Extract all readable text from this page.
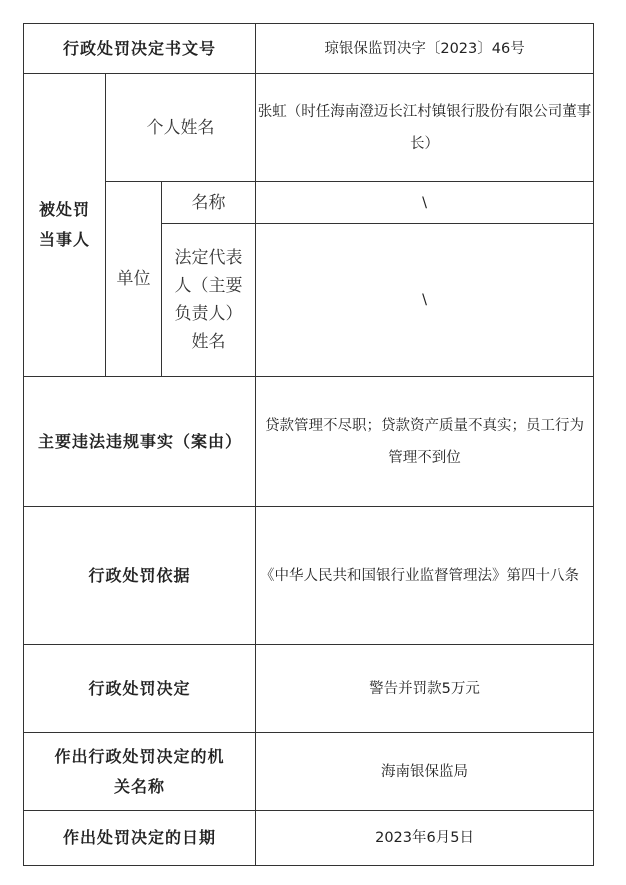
行政处罚决定书文号			琼银保监罚决字〔2023〕46号

被处罚
当事人	个人姓名		张虹（时任海南澄迈长江村镇银行股份有限公司董事长）
	单位	名称	\
		法定代表人（主要负责人）姓名	\
主要违法违规事实（案由）			贷款管理不尽职；贷款资产质量不真实；员工行为管理不到位
行政处罚依据			《中华人民共和国银行业监督管理法》第四十八条
行政处罚决定			警告并罚款5万元
作出行政处罚决定的机关名称			海南银保监局
作出处罚决定的日期			2023年6月5日
